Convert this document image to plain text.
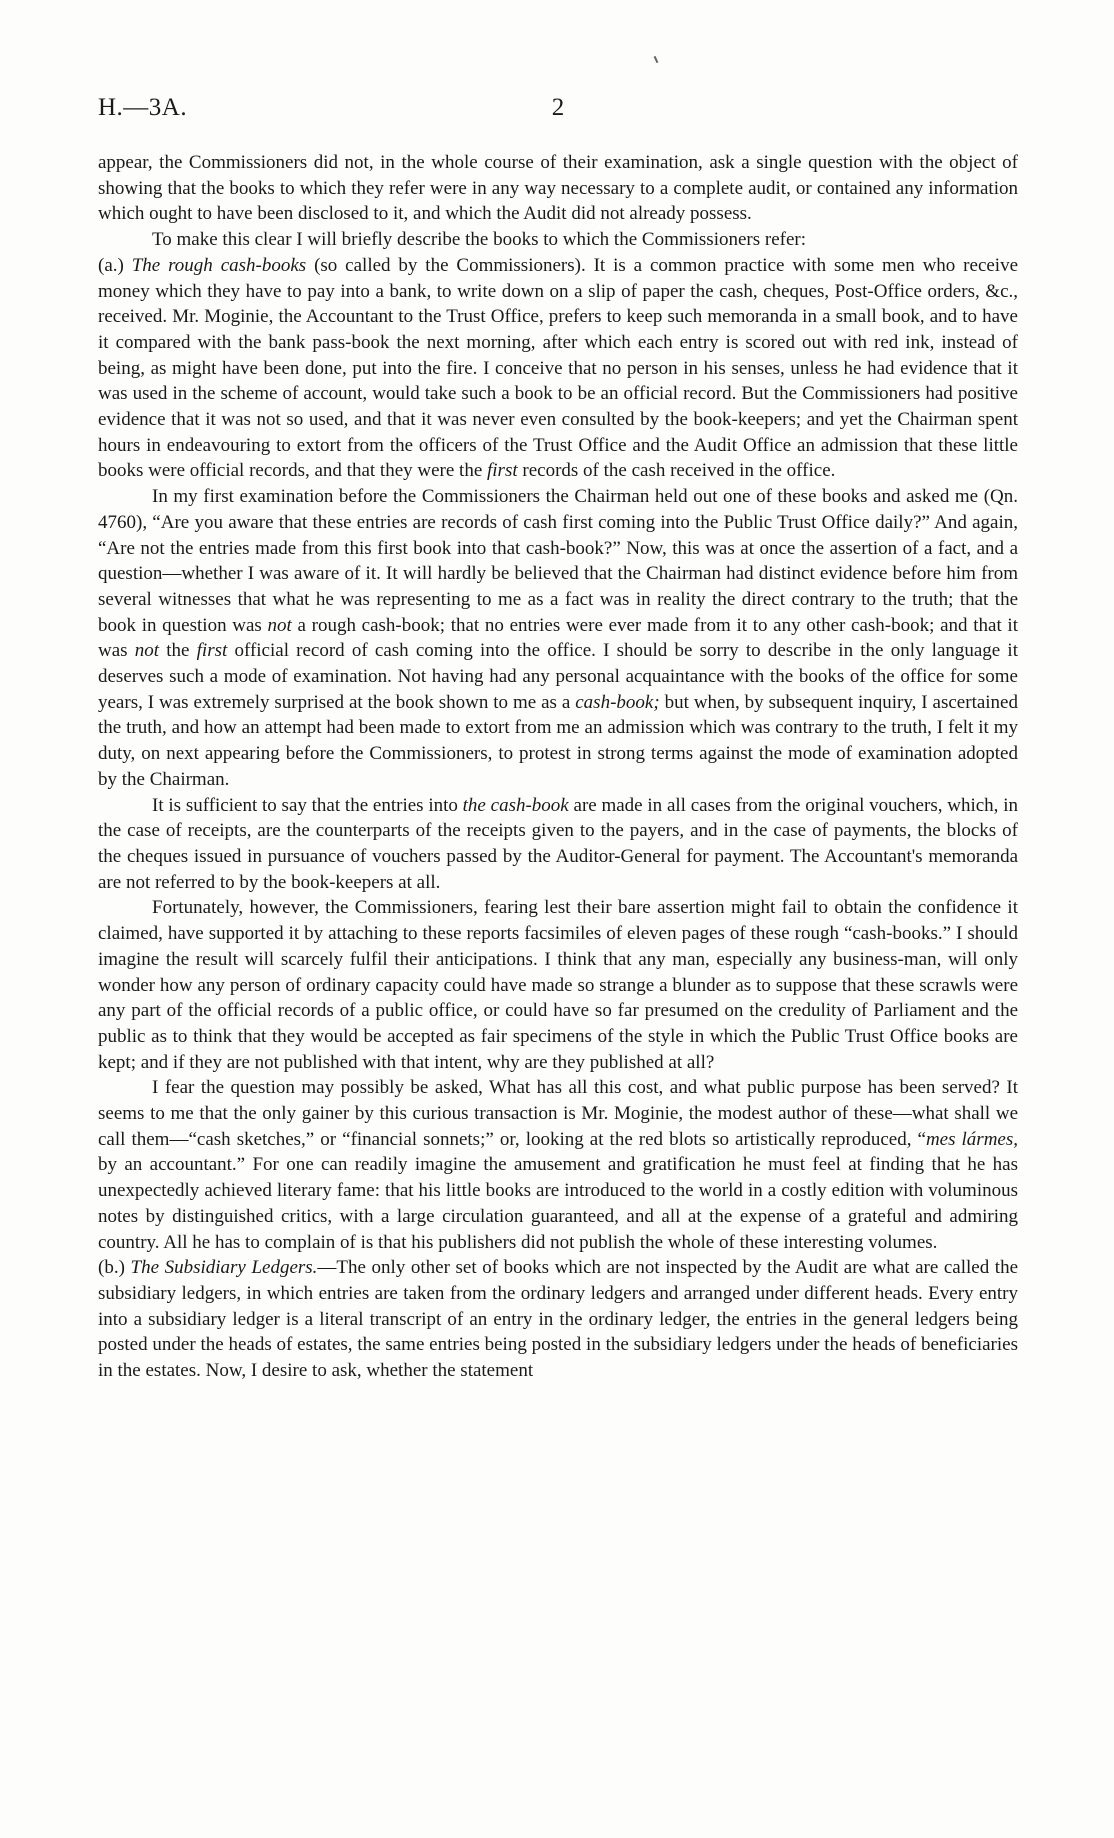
H.—3A.	2

appear, the Commissioners did not, in the whole course of their examination, ask a single question with the object of showing that the books to which they refer were in any way necessary to a complete audit, or contained any information which ought to have been disclosed to it, and which the Audit did not already possess.

To make this clear I will briefly describe the books to which the Commissioners refer:

(a.) The rough cash-books (so called by the Commissioners). It is a common practice with some men who receive money which they have to pay into a bank, to write down on a slip of paper the cash, cheques, Post-Office orders, &c., received. Mr. Moginie, the Accountant to the Trust Office, prefers to keep such memoranda in a small book, and to have it compared with the bank pass-book the next morning, after which each entry is scored out with red ink, instead of being, as might have been done, put into the fire. I conceive that no person in his senses, unless he had evidence that it was used in the scheme of account, would take such a book to be an official record. But the Commissioners had positive evidence that it was not so used, and that it was never even consulted by the book-keepers; and yet the Chairman spent hours in endeavouring to extort from the officers of the Trust Office and the Audit Office an admission that these little books were official records, and that they were the first records of the cash received in the office.

In my first examination before the Commissioners the Chairman held out one of these books and asked me (Qn. 4760), “Are you aware that these entries are records of cash first coming into the Public Trust Office daily?” And again, “Are not the entries made from this first book into that cash-book?” Now, this was at once the assertion of a fact, and a question—whether I was aware of it. It will hardly be believed that the Chairman had distinct evidence before him from several witnesses that what he was representing to me as a fact was in reality the direct contrary to the truth; that the book in question was not a rough cash-book; that no entries were ever made from it to any other cash-book; and that it was not the first official record of cash coming into the office. I should be sorry to describe in the only language it deserves such a mode of examination. Not having had any personal acquaintance with the books of the office for some years, I was extremely surprised at the book shown to me as a cash-book; but when, by subsequent inquiry, I ascertained the truth, and how an attempt had been made to extort from me an admission which was contrary to the truth, I felt it my duty, on next appearing before the Commissioners, to protest in strong terms against the mode of examination adopted by the Chairman.

It is sufficient to say that the entries into the cash-book are made in all cases from the original vouchers, which, in the case of receipts, are the counterparts of the receipts given to the payers, and in the case of payments, the blocks of the cheques issued in pursuance of vouchers passed by the Auditor-General for payment. The Accountant's memoranda are not referred to by the book-keepers at all.

Fortunately, however, the Commissioners, fearing lest their bare assertion might fail to obtain the confidence it claimed, have supported it by attaching to these reports facsimiles of eleven pages of these rough “cash-books.” I should imagine the result will scarcely fulfil their anticipations. I think that any man, especially any business-man, will only wonder how any person of ordinary capacity could have made so strange a blunder as to suppose that these scrawls were any part of the official records of a public office, or could have so far presumed on the credulity of Parliament and the public as to think that they would be accepted as fair specimens of the style in which the Public Trust Office books are kept; and if they are not published with that intent, why are they published at all?

I fear the question may possibly be asked, What has all this cost, and what public purpose has been served? It seems to me that the only gainer by this curious transaction is Mr. Moginie, the modest author of these—what shall we call them—“cash sketches,” or “financial sonnets;” or, looking at the red blots so artistically reproduced, “mes lármes, by an accountant.” For one can readily imagine the amusement and gratification he must feel at finding that he has unexpectedly achieved literary fame: that his little books are introduced to the world in a costly edition with voluminous notes by distinguished critics, with a large circulation guaranteed, and all at the expense of a grateful and admiring country. All he has to complain of is that his publishers did not publish the whole of these interesting volumes.

(b.) The Subsidiary Ledgers.—The only other set of books which are not inspected by the Audit are what are called the subsidiary ledgers, in which entries are taken from the ordinary ledgers and arranged under different heads. Every entry into a subsidiary ledger is a literal transcript of an entry in the ordinary ledger, the entries in the general ledgers being posted under the heads of estates, the same entries being posted in the subsidiary ledgers under the heads of beneficiaries in the estates. Now, I desire to ask, whether the statement
